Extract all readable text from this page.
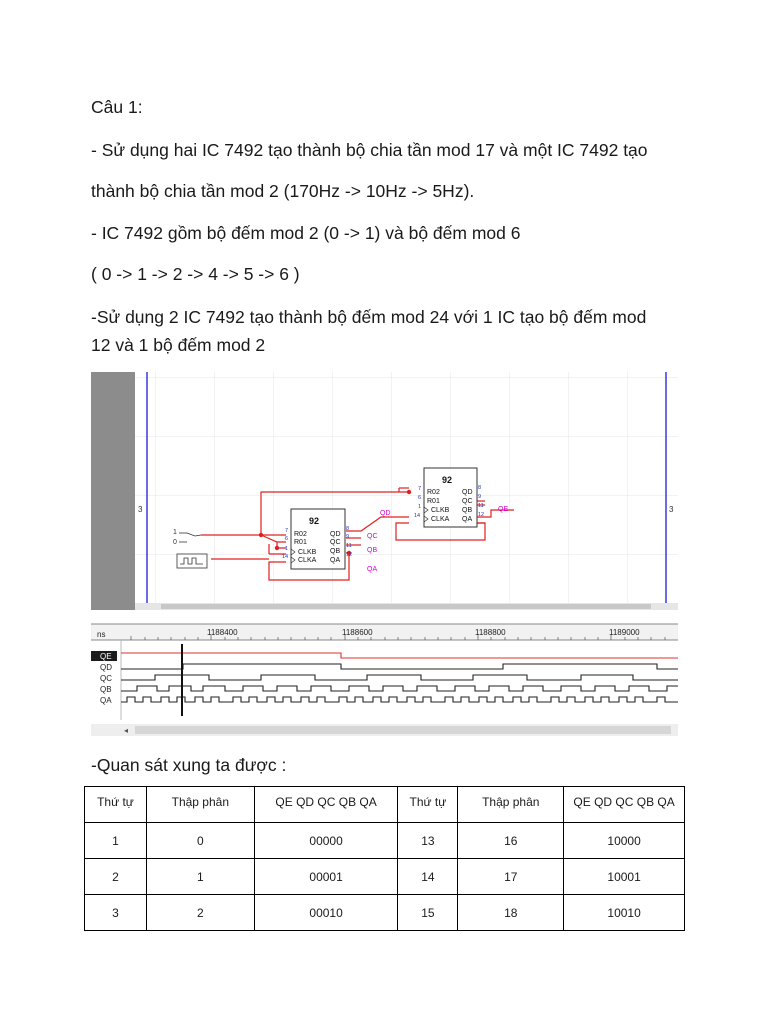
Câu 1:
- Sử dụng hai IC 7492 tạo thành bộ chia tần mod 17 và một IC 7492 tạo
thành bộ chia tần mod 2 (170Hz -> 10Hz -> 5Hz).
- IC 7492 gồm bộ đếm mod 2 (0 -> 1) và bộ đếm mod 6
( 0 -> 1 -> 2 -> 4 -> 5 -> 6 )
-Sử dụng 2 IC 7492 tạo thành bộ đếm mod 24 với 1 IC tạo bộ đếm mod
12 và 1 bộ đếm mod 2
3	3
1
0
92
R02
R01
CLKB
CLKA
QD
QC
QB
QA
7
6
1
14
8
9
11
12
92
R02
R01
CLKB
CLKA
QD
QC
QB
QA
7
6
1
14
8
9
11
12
QD
QC
QB
QA
QE
ns	1188400	1188600	1188800	1189000
QE
QD
QC
QB
QA
◂
-Quan sát xung ta được :
Thứ tự	Thập phân	QE QD QC QB QA	Thứ tự	Thập phân	QE QD QC QB QA
1	0	00000	13	16	10000
2	1	00001	14	17	10001
3	2	00010	15	18	10010
